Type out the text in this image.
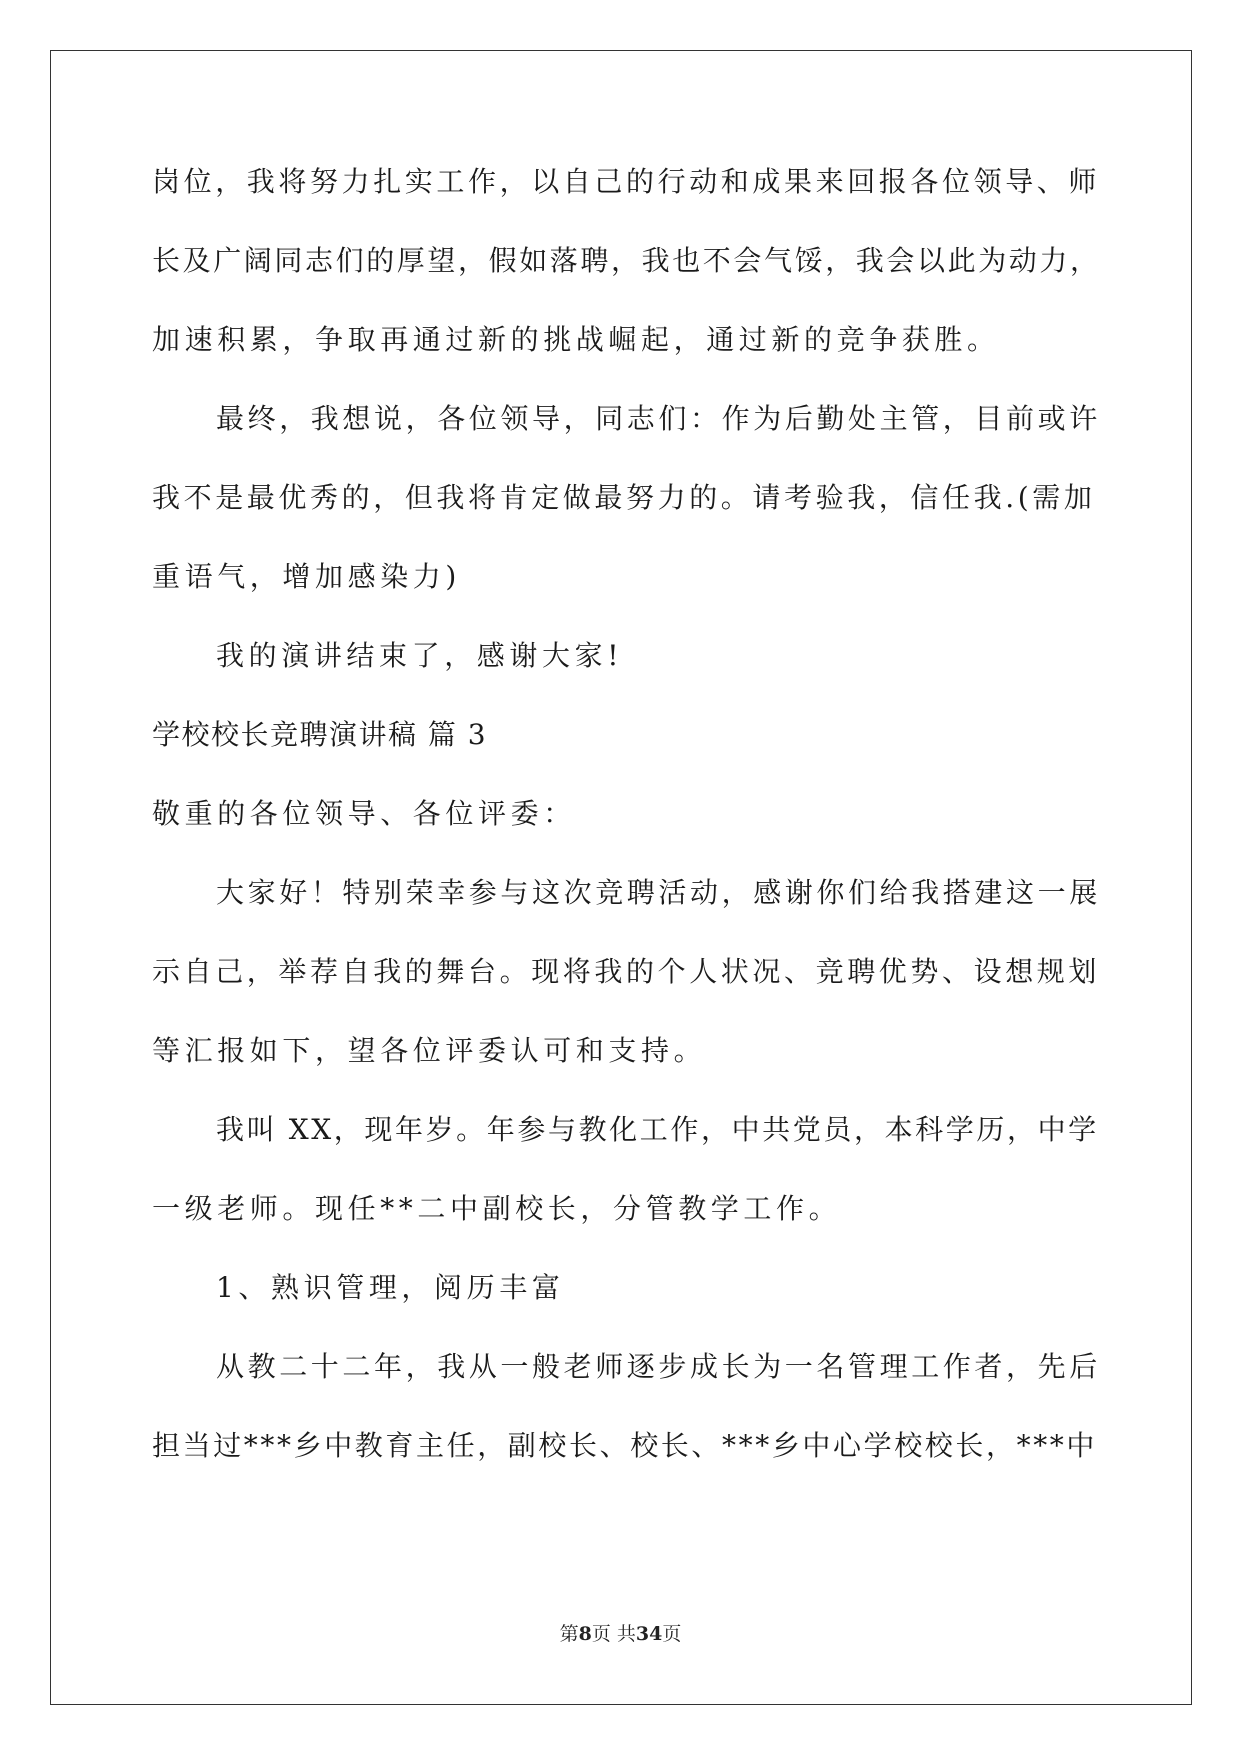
岗位，我将努力扎实工作，以自己的行动和成果来回报各位领导、师
长及广阔同志们的厚望，假如落聘，我也不会气馁，我会以此为动力，
加速积累，争取再通过新的挑战崛起，通过新的竞争获胜。
最终，我想说，各位领导，同志们：作为后勤处主管，目前或许
我不是最优秀的，但我将肯定做最努力的。请考验我，信任我.(需加
重语气，增加感染力)
我的演讲结束了，感谢大家!
学校校长竞聘演讲稿 篇 3
敬重的各位领导、各位评委：
大家好！特别荣幸参与这次竞聘活动，感谢你们给我搭建这一展
示自己，举荐自我的舞台。现将我的个人状况、竞聘优势、设想规划
等汇报如下，望各位评委认可和支持。
我叫 XX，现年岁。年参与教化工作，中共党员，本科学历，中学
一级老师。现任**二中副校长，分管教学工作。
1、熟识管理，阅历丰富
从教二十二年，我从一般老师逐步成长为一名管理工作者，先后
担当过***乡中教育主任，副校长、校长、***乡中心学校校长，***中
第8页 共34页
